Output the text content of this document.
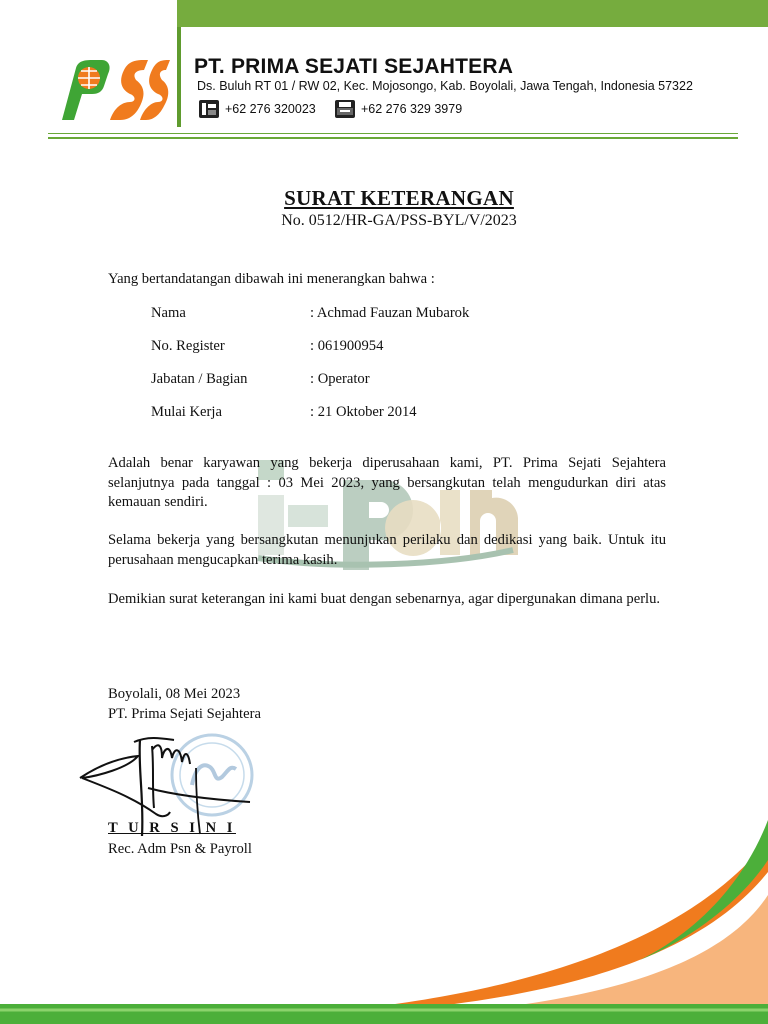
PT. PRIMA SEJATI SEJAHTERA
Ds. Buluh RT 01 / RW 02, Kec. Mojosongo, Kab. Boyolali, Jawa Tengah, Indonesia 57322
+62 276 320023	+62 276 329 3979
SURAT KETERANGAN
No. 0512/HR-GA/PSS-BYL/V/2023
Yang bertandatangan dibawah ini menerangkan bahwa :
Nama	: Achmad Fauzan Mubarok
No. Register	: 061900954
Jabatan / Bagian	: Operator
Mulai Kerja	: 21 Oktober 2014
Adalah benar karyawan yang bekerja diperusahaan kami, PT. Prima Sejati Sejahtera selanjutnya pada tanggal : 03 Mei 2023, yang bersangkutan telah mengudurkan diri atas kemauan sendiri.
Selama bekerja yang bersangkutan menunjukan perilaku dan dedikasi yang baik. Untuk itu perusahaan mengucapkan terima kasih.
Demikian surat keterangan ini kami buat dengan sebenarnya, agar dipergunakan dimana perlu.
Boyolali, 08 Mei 2023
PT. Prima Sejati Sejahtera
T U R S I N I
Rec. Adm Psn & Payroll
